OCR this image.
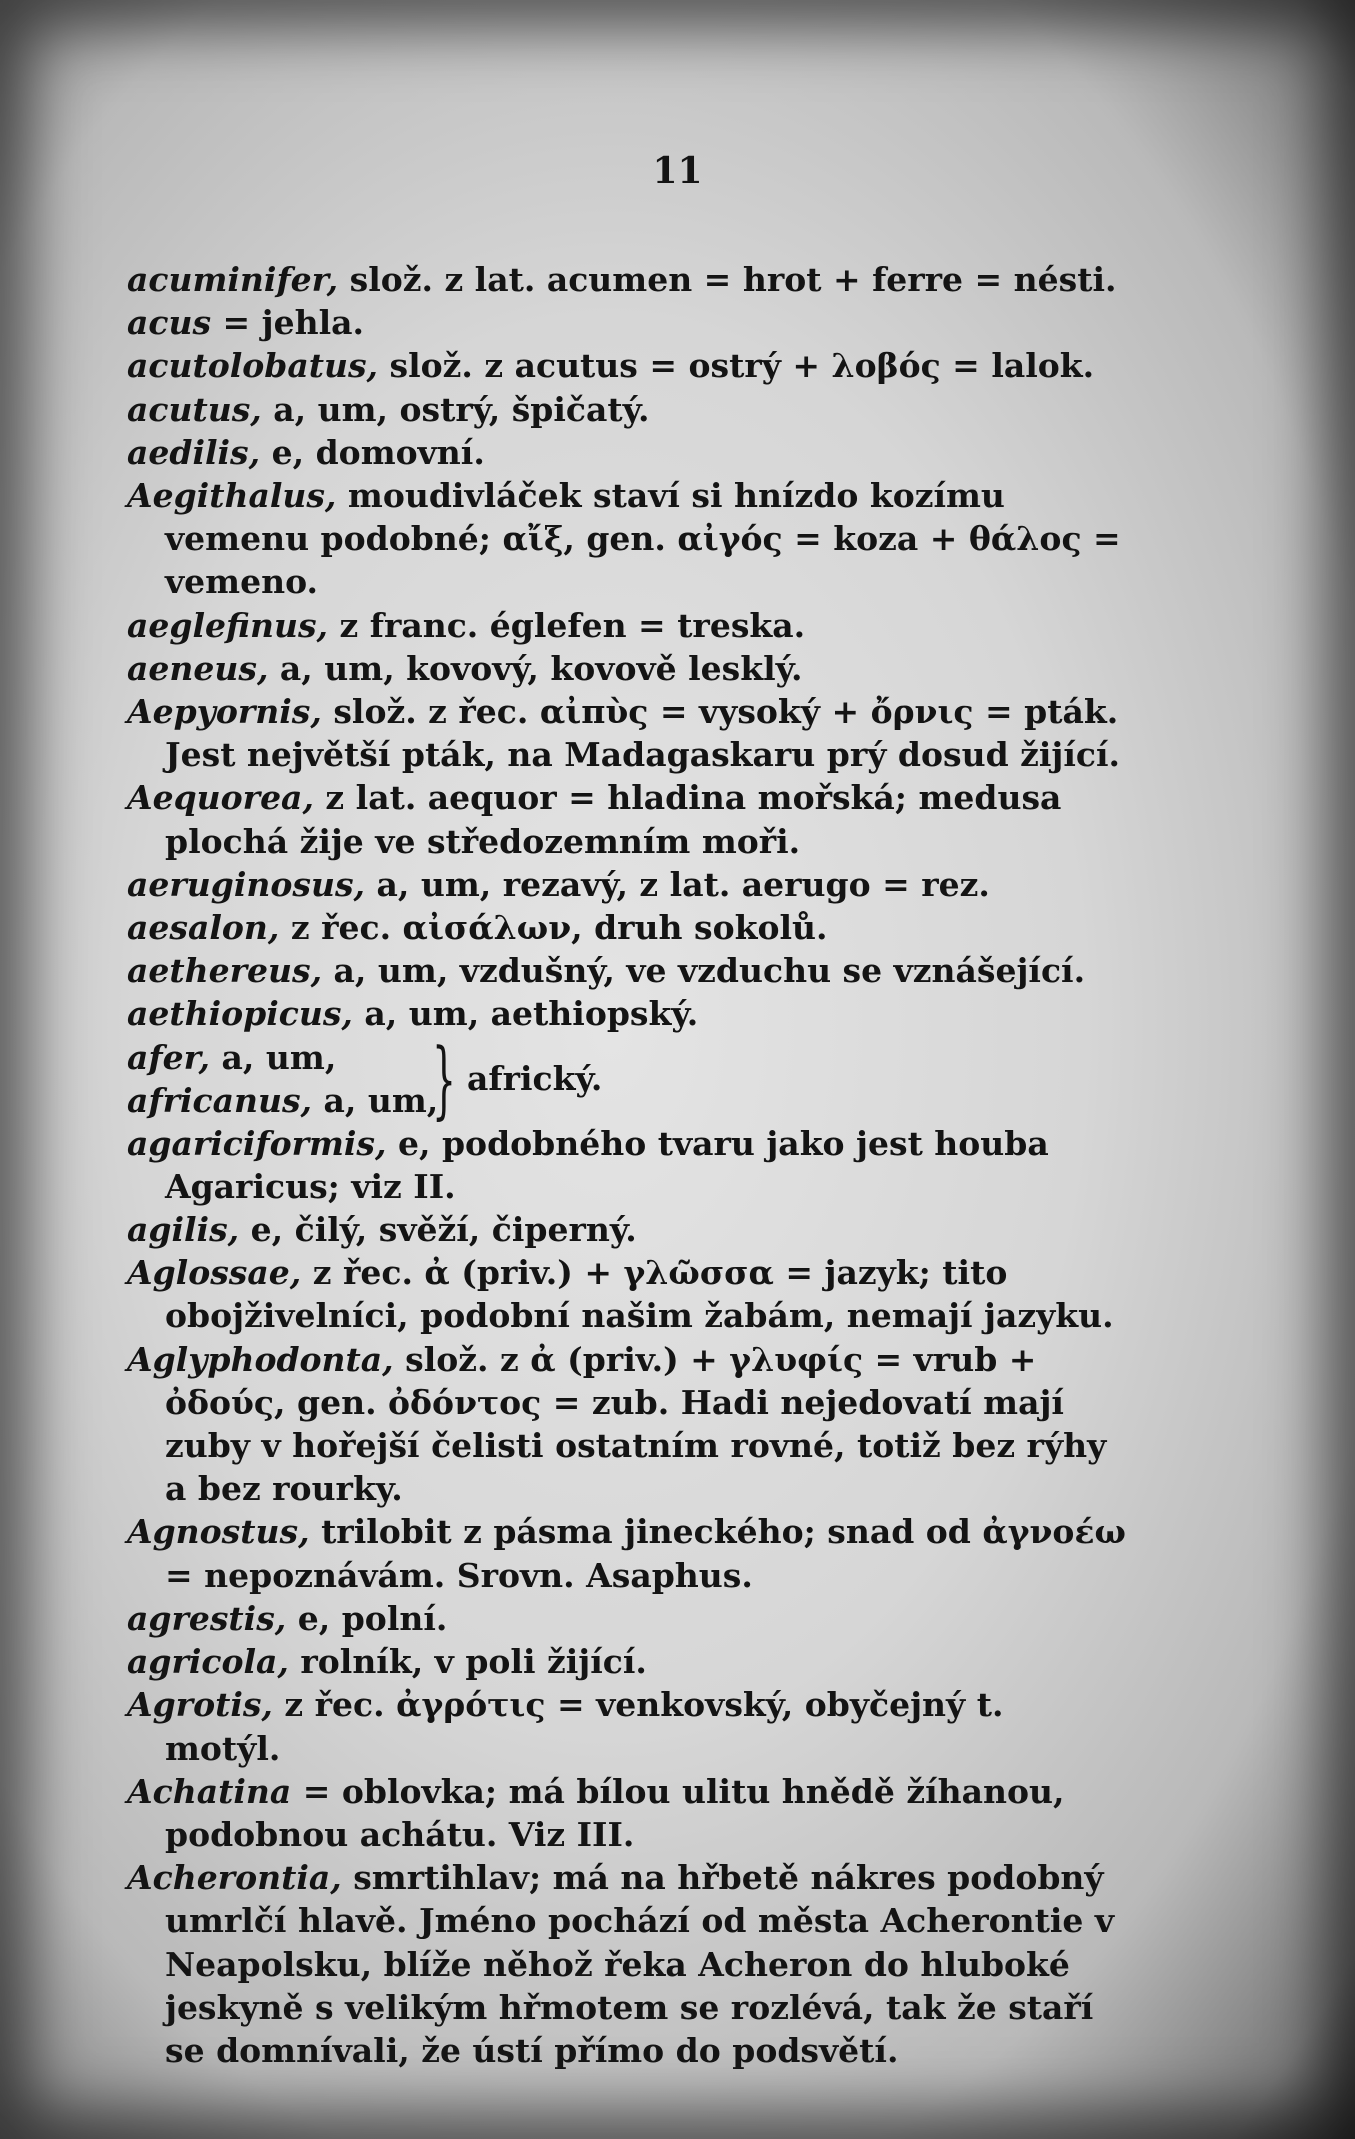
11

acuminifer, slož. z lat. acumen = hrot + ferre = nésti.

acus = jehla.

acutolobatus, slož. z acutus = ostrý + λοβός = lalok.

acutus, a, um, ostrý, špičatý.

aedilis, e, domovní.

Aegithalus, moudivláček staví si hnízdo kozímu vemenu podobné; αἴξ, gen. αἰγός = koza + θάλος = vemeno.

aeglefinus, z franc. églefen = treska.

aeneus, a, um, kovový, kovově lesklý.

Aepyornis, slož. z řec. αἰπὺς = vysoký + ὄρνις = pták. Jest největší pták, na Madagaskaru prý dosud žijící.

Aequorea, z lat. aequor = hladina mořská; medusa plochá žije ve středozemním moři.

aeruginosus, a, um, rezavý, z lat. aerugo = rez.

aesalon, z řec. αἰσάλων, druh sokolů.

aethereus, a, um, vzdušný, ve vzduchu se vznášející.

aethiopicus, a, um, aethiopský.

afer, a, um,
africanus, a, um,
} africký.

agariciformis, e, podobného tvaru jako jest houba Agaricus; viz II.

agilis, e, čilý, svěží, čiperný.

Aglossae, z řec. ἀ (priv.) + γλῶσσα = jazyk; tito obojživelníci, podobní našim žabám, nemají jazyku.

Aglyphodonta, slož. z ἀ (priv.) + γλυφίς = vrub + ὀδούς, gen. ὀδόντος = zub. Hadi nejedovatí mají zuby v hořejší čelisti ostatním rovné, totiž bez rýhy a bez rourky.

Agnostus, trilobit z pásma jineckého; snad od ἀγνοέω = nepoznávám. Srovn. Asaphus.

agrestis, e, polní.

agricola, rolník, v poli žijící.

Agrotis, z řec. ἀγρότις = venkovský, obyčejný t. motýl.

Achatina = oblovka; má bílou ulitu hnědě žíhanou, podobnou achátu. Viz III.

Acherontia, smrtihlav; má na hřbetě nákres podobný umrlčí hlavě. Jméno pochází od města Acherontie v Neapolsku, blíže něhož řeka Acheron do hluboké jeskyně s velikým hřmotem se rozlévá, tak že staří se domnívali, že ústí přímo do podsvětí.
